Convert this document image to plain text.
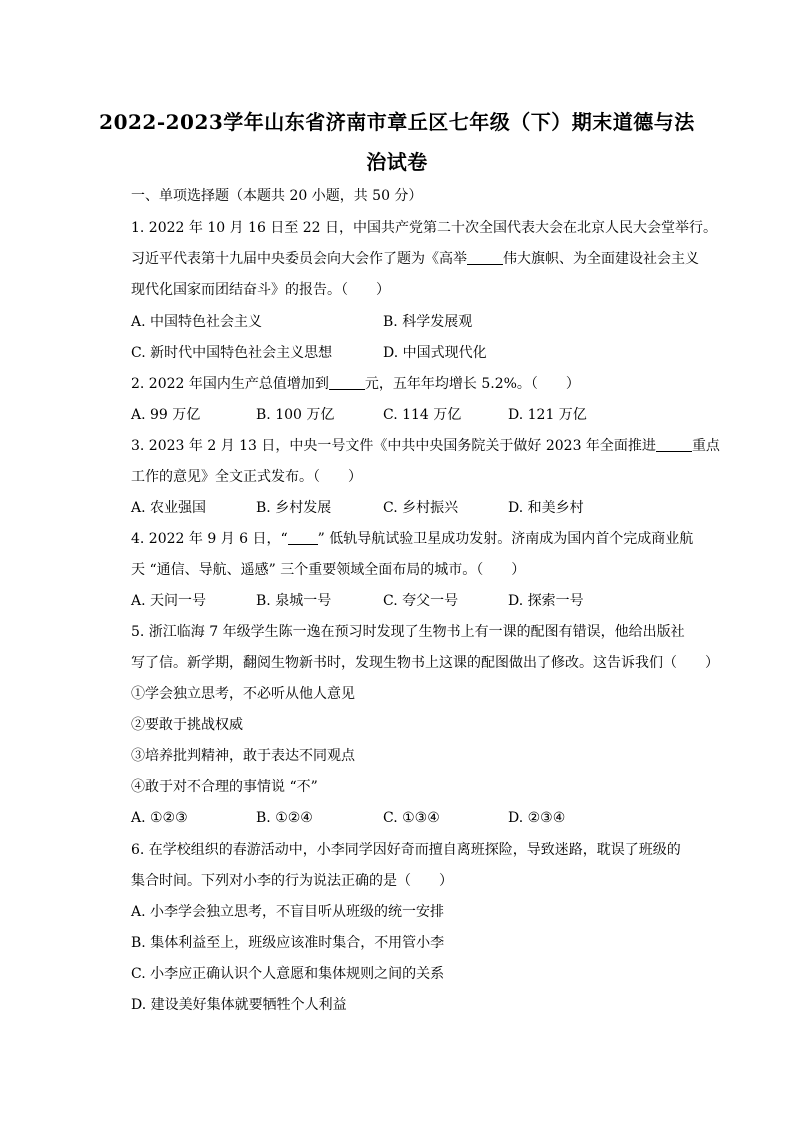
2022-2023学年山东省济南市章丘区七年级（下）期末道德与法
治试卷
一、单项选择题（本题共 20 小题，共 50 分）
1. 2022 年 10 月 16 日至 22 日，中国共产党第二十次全国代表大会在北京人民大会堂举行。
习近平代表第十九届中央委员会向大会作了题为《高举	伟大旗帜、为全面建设社会主义
现代化国家而团结奋斗》的报告。（　　）
A. 中国特色社会主义	B. 科学发展观
C. 新时代中国特色社会主义思想	D. 中国式现代化
2. 2022 年国内生产总值增加到	元，五年年均增长 5.2%。（　　）
A. 99 万亿	B. 100 万亿	C. 114 万亿	D. 121 万亿
3. 2023 年 2 月 13 日，中央一号文件《中共中央国务院关于做好 2023 年全面推进	重点
工作的意见》全文正式发布。（　　）
A. 农业强国	B. 乡村发展	C. 乡村振兴	D. 和美乡村
4. 2022 年 9 月 6 日，“ ” 低轨导航试验卫星成功发射。济南成为国内首个完成商业航
天 “通信、导航、遥感” 三个重要领域全面布局的城市。（　　）
A. 天问一号	B. 泉城一号	C. 夸父一号	D. 探索一号
5. 浙江临海 7 年级学生陈一逸在预习时发现了生物书上有一课的配图有错误，他给出版社
写了信。新学期，翻阅生物新书时，发现生物书上这课的配图做出了修改。这告诉我们（　　）
①学会独立思考，不必听从他人意见
②要敢于挑战权威
③培养批判精神，敢于表达不同观点
④敢于对不合理的事情说 “不”
A. ①②③	B. ①②④	C. ①③④	D. ②③④
6. 在学校组织的春游活动中，小李同学因好奇而擅自离班探险，导致迷路，耽误了班级的
集合时间。下列对小李的行为说法正确的是（　　）
A. 小李学会独立思考，不盲目听从班级的统一安排
B. 集体利益至上，班级应该准时集合，不用管小李
C. 小李应正确认识个人意愿和集体规则之间的关系
D. 建设美好集体就要牺牲个人利益
